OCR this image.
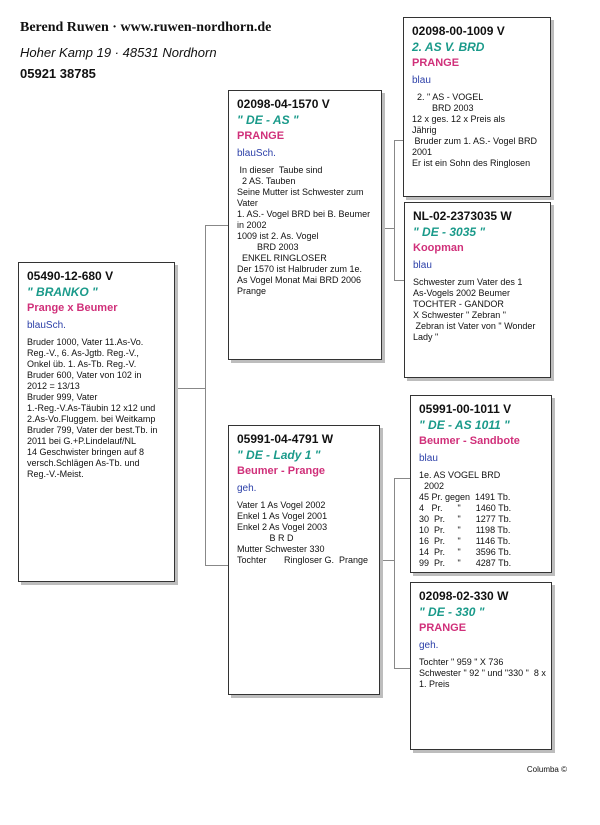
Berend Ruwen · www.ruwen-nordhorn.de
Hoher Kamp 19 · 48531 Nordhorn
05921 38785
05490-12-680 V
" BRANKO "
Prange x Beumer
blauSch.
Bruder 1000, Vater 11.As-Vo.
Reg.-V., 6. As-Jgtb. Reg.-V.,
Onkel üb. 1. As-Tb. Reg.-V.
Bruder 600, Vater von 102 in
2012 = 13/13
Bruder 999, Vater
1.-Reg.-V.As-Täubin 12 x12 und
2.As-Vo.Fluggem. bei Weitkamp
Bruder 799, Vater der best.Tb. in
2011 bei G.+P.Lindelauf/NL
14 Geschwister bringen auf 8
versch.Schlägen As-Tb. und
Reg.-V.-Meist.
02098-04-1570 V
" DE - AS "
PRANGE
blauSch.
In dieser  Taube sind
2 AS. Tauben
Seine Mutter ist Schwester zum
Vater
1. AS.- Vogel BRD bei B. Beumer
in 2002
1009 ist 2. As. Vogel
BRD 2003
ENKEL RINGLOSER
Der 1570 ist Halbruder zum 1e.
As Vogel Monat Mai BRD 2006
Prange
05991-04-4791 W
" DE - Lady 1 "
Beumer - Prange
geh.
Vater 1 As Vogel 2002
Enkel 1 As Vogel 2001
Enkel 2 As Vogel 2003
B R D
Mutter Schwester 330
Tochter       Ringloser G.  Prange
02098-00-1009 V
2. AS V. BRD
PRANGE
blau
2. " AS - VOGEL
BRD 2003
12 x ges. 12 x Preis als
Jährig
Bruder zum 1. AS.- Vogel BRD
2001
Er ist ein Sohn des Ringlosen
NL-02-2373035 W
" DE - 3035 "
Koopman
blau
Schwester zum Vater des 1
As-Vogels 2002 Beumer
TOCHTER - GANDOR
X Schwester " Zebran "
Zebran ist Vater von " Wonder
Lady "
05991-00-1011 V
" DE - AS 1011 "
Beumer - Sandbote
blau
1e. AS VOGEL BRD
2002
45 Pr. gegen  1491 Tb.
4   Pr.      "      1460 Tb.
30  Pr.     "      1277 Tb.
10  Pr.     "      1198 Tb.
16  Pr.     "      1146 Tb.
14  Pr.     "      3596 Tb.
99  Pr.     "      4287 Tb.
02098-02-330 W
" DE - 330 "
PRANGE
geh.
Tochter " 959 " X 736
Schwester " 92 " und "330 "  8 x
1. Preis
Columba ©
